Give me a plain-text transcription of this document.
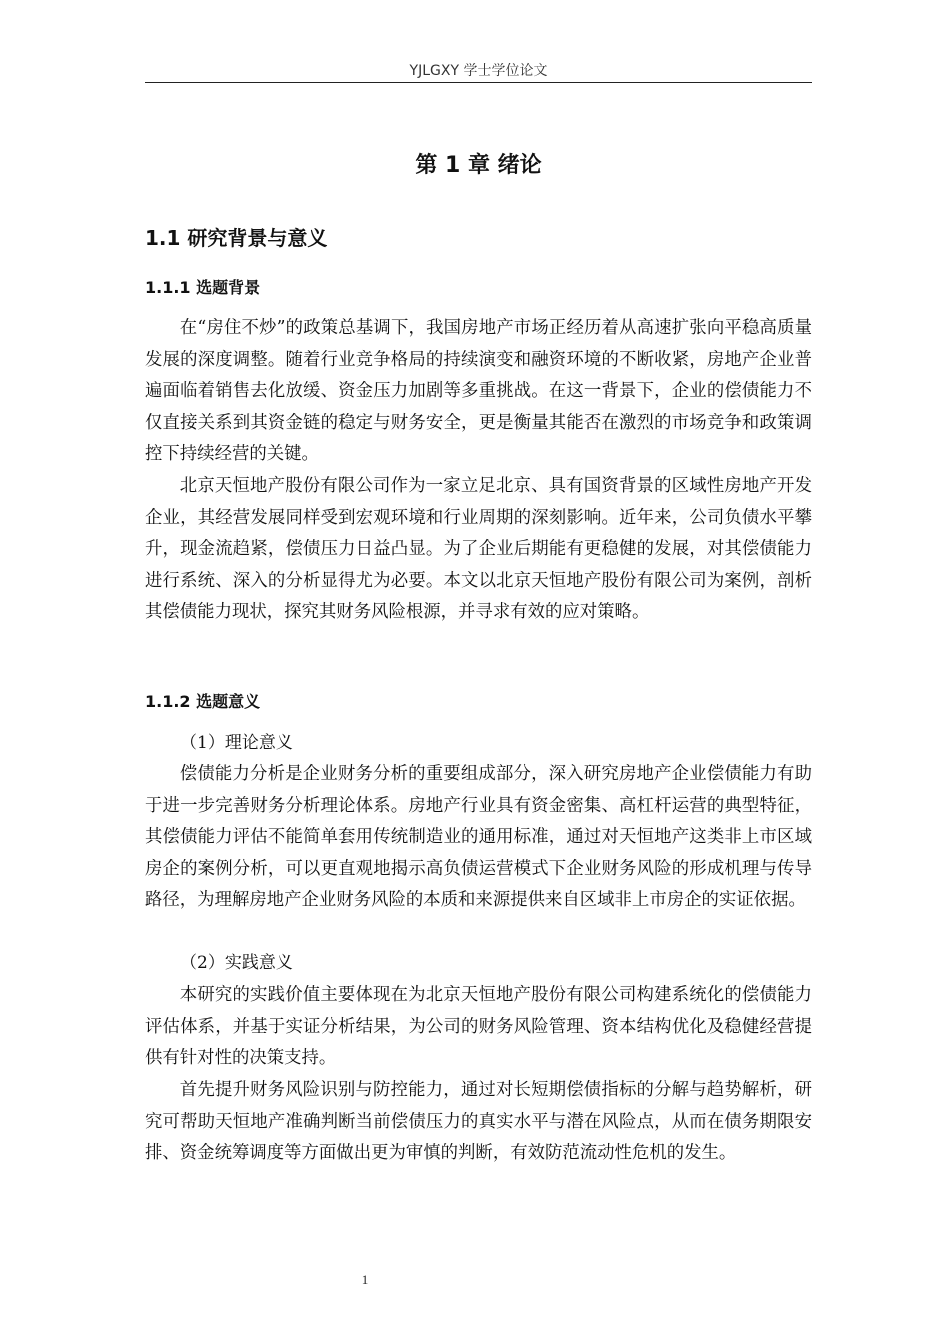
YJLGXY 学士学位论文
第 1 章 绪论
1.1 研究背景与意义
1.1.1 选题背景

在“房住不炒”的政策总基调下，我国房地产市场正经历着从高速扩张向平稳高质量发展的深度调整。随着行业竞争格局的持续演变和融资环境的不断收紧，房地产企业普遍面临着销售去化放缓、资金压力加剧等多重挑战。在这一背景下，企业的偿债能力不仅直接关系到其资金链的稳定与财务安全，更是衡量其能否在激烈的市场竞争和政策调控下持续经营的关键。

北京天恒地产股份有限公司作为一家立足北京、具有国资背景的区域性房地产开发企业，其经营发展同样受到宏观环境和行业周期的深刻影响。近年来，公司负债水平攀升，现金流趋紧，偿债压力日益凸显。为了企业后期能有更稳健的发展，对其偿债能力进行系统、深入的分析显得尤为必要。本文以北京天恒地产股份有限公司为案例，剖析其偿债能力现状，探究其财务风险根源，并寻求有效的应对策略。

1.1.2 选题意义
（1）理论意义

偿债能力分析是企业财务分析的重要组成部分，深入研究房地产企业偿债能力有助于进一步完善财务分析理论体系。房地产行业具有资金密集、高杠杆运营的典型特征，其偿债能力评估不能简单套用传统制造业的通用标准，通过对天恒地产这类非上市区域房企的案例分析，可以更直观地揭示高负债运营模式下企业财务风险的形成机理与传导路径，为理解房地产企业财务风险的本质和来源提供来自区域非上市房企的实证依据。

（2）实践意义

本研究的实践价值主要体现在为北京天恒地产股份有限公司构建系统化的偿债能力评估体系，并基于实证分析结果，为公司的财务风险管理、资本结构优化及稳健经营提供有针对性的决策支持。

首先提升财务风险识别与防控能力，通过对长短期偿债指标的分解与趋势解析，研究可帮助天恒地产准确判断当前偿债压力的真实水平与潜在风险点，从而在债务期限安排、资金统筹调度等方面做出更为审慎的判断，有效防范流动性危机的发生。

1
